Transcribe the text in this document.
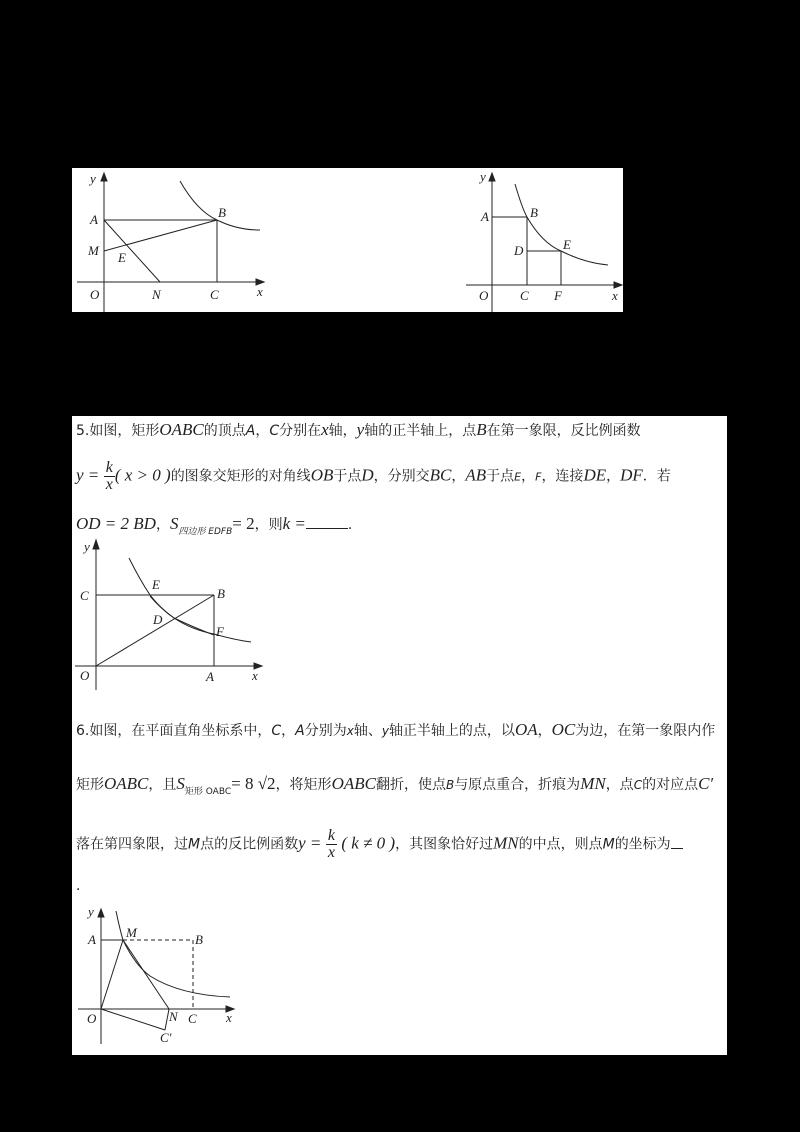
y
x
O
A
M E
N	C
B
y
x
O
A	B
D	E
C F
5.如图，矩形OABC的顶点A，C分别在x轴，y轴的正半轴上，点B在第一象限，反比例函数
$y = \frac{k}{x}$ ( x > 0 )的图象交矩形的对角线OB于点D，分别交BC，AB于点E，F，连接DE，DF．若
OD = 2 BD，$S_{四边形 EDFB}= 2$，则k =	.
y
x
O	A
C	B
E
D
F
6.如图，在平面直角坐标系中，C，A分别为x轴、y轴正半轴上的点，以OA，OC为边，在第一象限内作
矩形OABC，且$S_{矩形 OABC}= 8$ √2，将矩形OABC翻折，使点B与原点重合，折痕为MN，点C的对应点C′
落在第四象限，过M点的反比例函数$y = \frac{k}{x}$ ( k ≠ 0 )，其图象恰好过MN的中点，则点M的坐标为
.
y
x
O
A M	B
N C
C′
